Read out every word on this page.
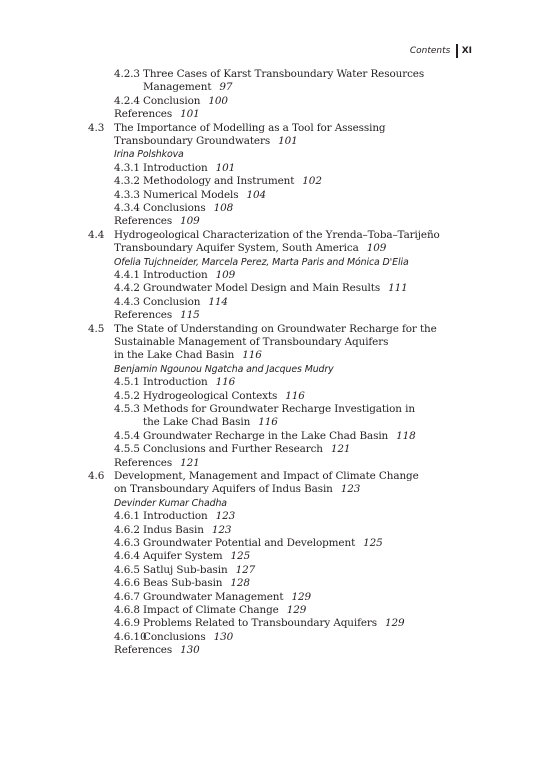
Contents	XI
4.2.3 Three Cases of Karst Transboundary Water Resources
Management 97
4.2.4 Conclusion 100
References 101
4.3 The Importance of Modelling as a Tool for Assessing
Transboundary Groundwaters 101
Irina Polshkova
4.3.1 Introduction 101
4.3.2 Methodology and Instrument 102
4.3.3 Numerical Models 104
4.3.4 Conclusions 108
References 109
4.4 Hydrogeological Characterization of the Yrenda–Toba–Tarijeño
Transboundary Aquifer System, South America 109
Ofelia Tujchneider, Marcela Perez, Marta Paris and Mónica D'Elia
4.4.1 Introduction 109
4.4.2 Groundwater Model Design and Main Results 111
4.4.3 Conclusion 114
References 115
4.5 The State of Understanding on Groundwater Recharge for the
Sustainable Management of Transboundary Aquifers
in the Lake Chad Basin 116
Benjamin Ngounou Ngatcha and Jacques Mudry
4.5.1 Introduction 116
4.5.2 Hydrogeological Contexts 116
4.5.3 Methods for Groundwater Recharge Investigation in
the Lake Chad Basin 116
4.5.4 Groundwater Recharge in the Lake Chad Basin 118
4.5.5 Conclusions and Further Research 121
References 121
4.6 Development, Management and Impact of Climate Change
on Transboundary Aquifers of Indus Basin 123
Devinder Kumar Chadha
4.6.1 Introduction 123
4.6.2 Indus Basin 123
4.6.3 Groundwater Potential and Development 125
4.6.4 Aquifer System 125
4.6.5 Satluj Sub-basin 127
4.6.6 Beas Sub-basin 128
4.6.7 Groundwater Management 129
4.6.8 Impact of Climate Change 129
4.6.9 Problems Related to Transboundary Aquifers 129
4.6.10Conclusions 130
References 130
